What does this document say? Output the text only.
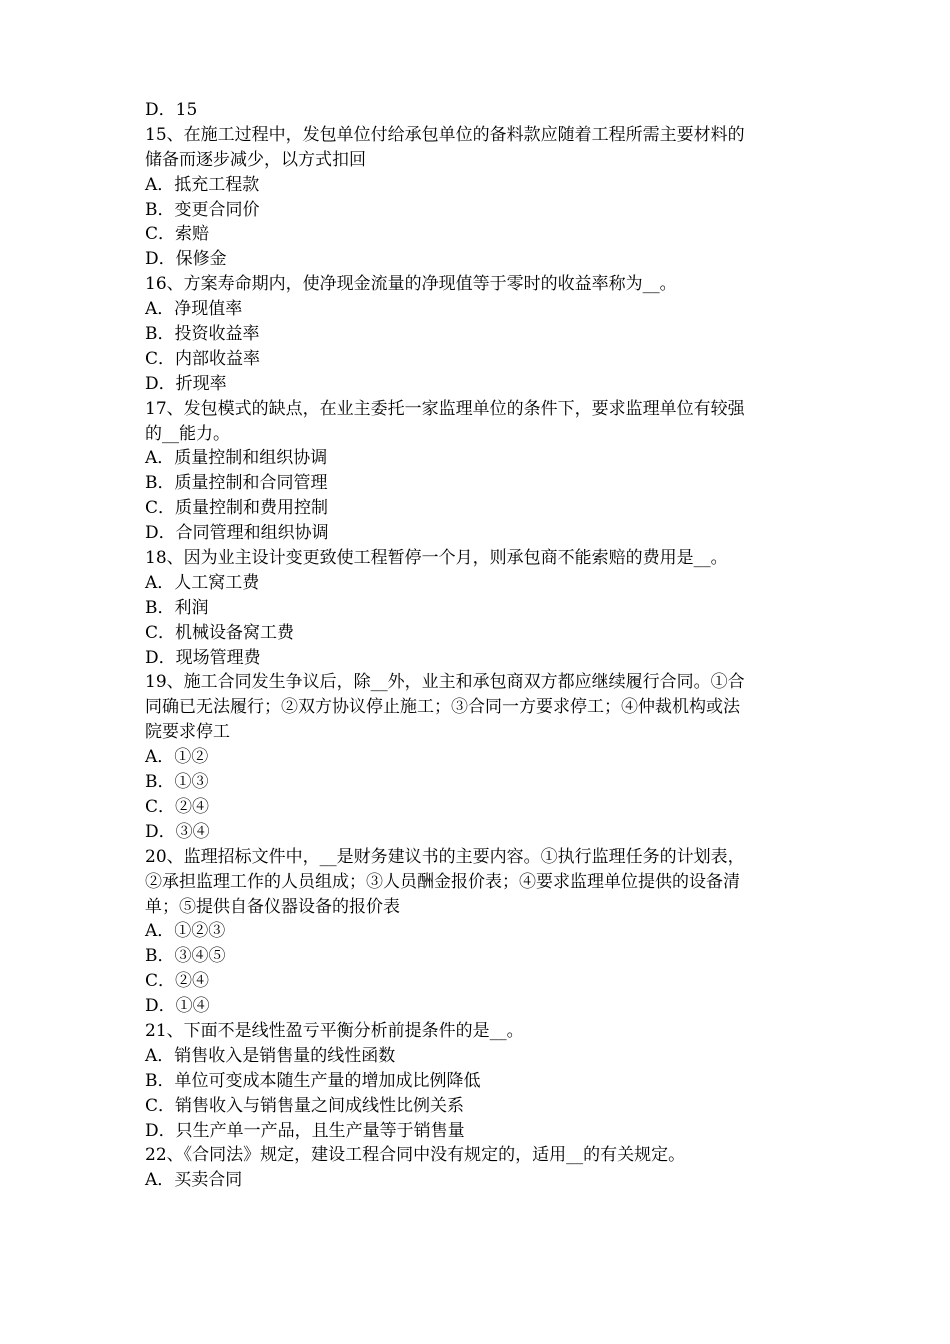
D．15

15、在施工过程中，发包单位付给承包单位的备料款应随着工程所需主要材料的

储备而逐步减少，以方式扣回

A．抵充工程款

B．变更合同价

C．索赔

D．保修金

16、方案寿命期内，使净现金流量的净现值等于零时的收益率称为__。

A．净现值率

B．投资收益率

C．内部收益率

D．折现率

17、发包模式的缺点，在业主委托一家监理单位的条件下，要求监理单位有较强

的__能力。

A．质量控制和组织协调

B．质量控制和合同管理

C．质量控制和费用控制

D．合同管理和组织协调

18、因为业主设计变更致使工程暂停一个月，则承包商不能索赔的费用是__。

A．人工窝工费

B．利润

C．机械设备窝工费

D．现场管理费

19、施工合同发生争议后，除__外，业主和承包商双方都应继续履行合同。①合

同确已无法履行；②双方协议停止施工；③合同一方要求停工；④仲裁机构或法

院要求停工

A．①②

B．①③

C．②④

D．③④

20、监理招标文件中，__是财务建议书的主要内容。①执行监理任务的计划表，

②承担监理工作的人员组成；③人员酬金报价表；④要求监理单位提供的设备清

单；⑤提供自备仪器设备的报价表

A．①②③

B．③④⑤

C．②④

D．①④

21、下面不是线性盈亏平衡分析前提条件的是__。

A．销售收入是销售量的线性函数

B．单位可变成本随生产量的增加成比例降低

C．销售收入与销售量之间成线性比例关系

D．只生产单一产品，且生产量等于销售量

22、《合同法》规定，建设工程合同中没有规定的，适用__的有关规定。

A．买卖合同
